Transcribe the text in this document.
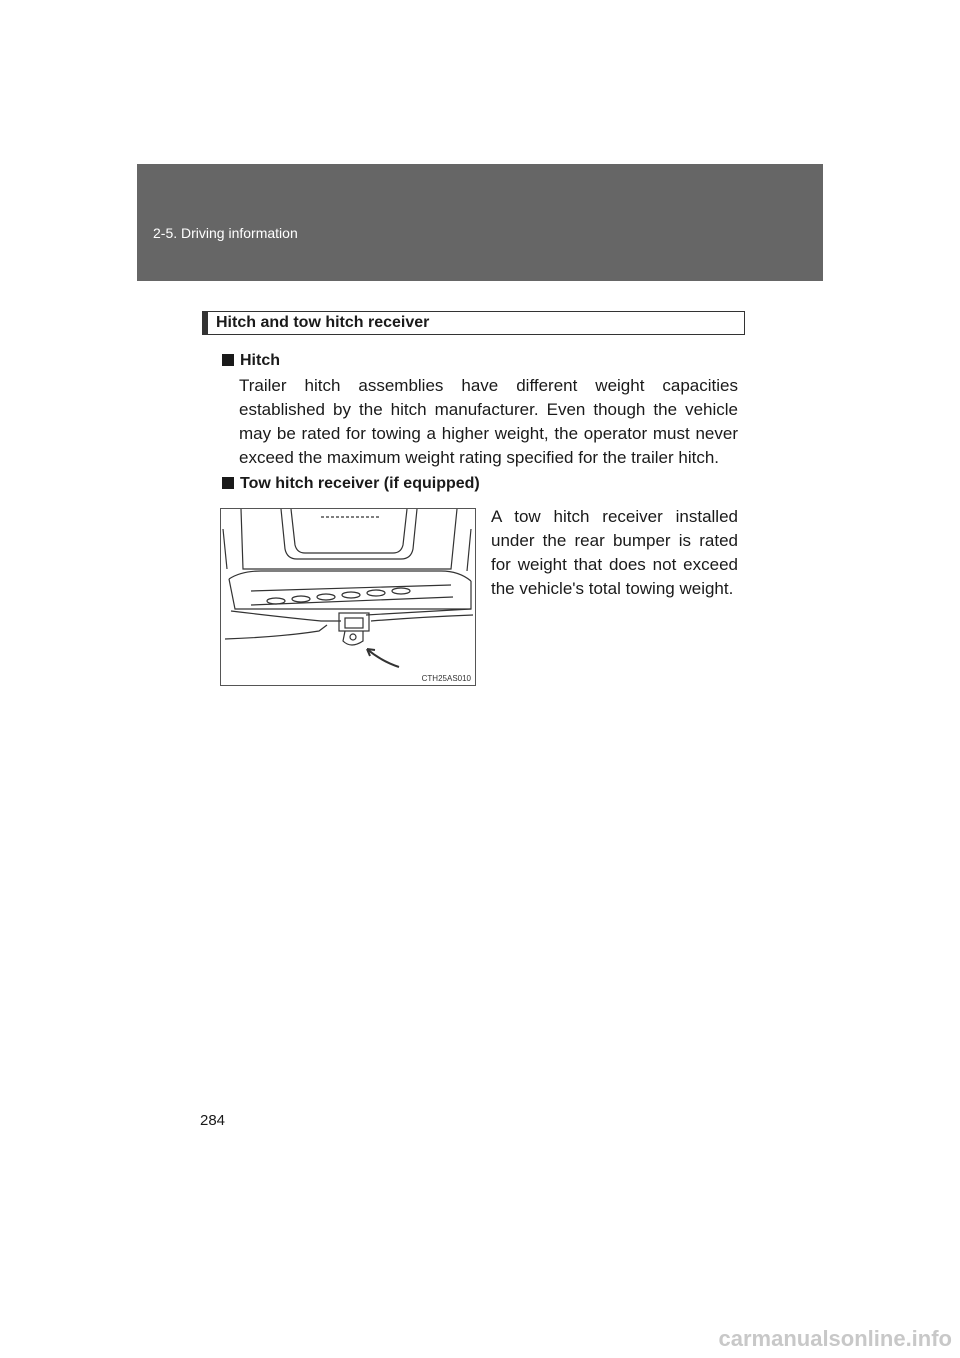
2-5. Driving information
Hitch and tow hitch receiver
Hitch

Trailer hitch assemblies have different weight capacities established by the hitch manufacturer. Even though the vehicle may be rated for towing a higher weight, the operator must never exceed the maximum weight rating specified for the trailer hitch.

Tow hitch receiver (if equipped)

A tow hitch receiver installed under the rear bumper is rated for weight that does not exceed the vehicle's total towing weight.

CTH25AS010
284
carmanualsonline.info
